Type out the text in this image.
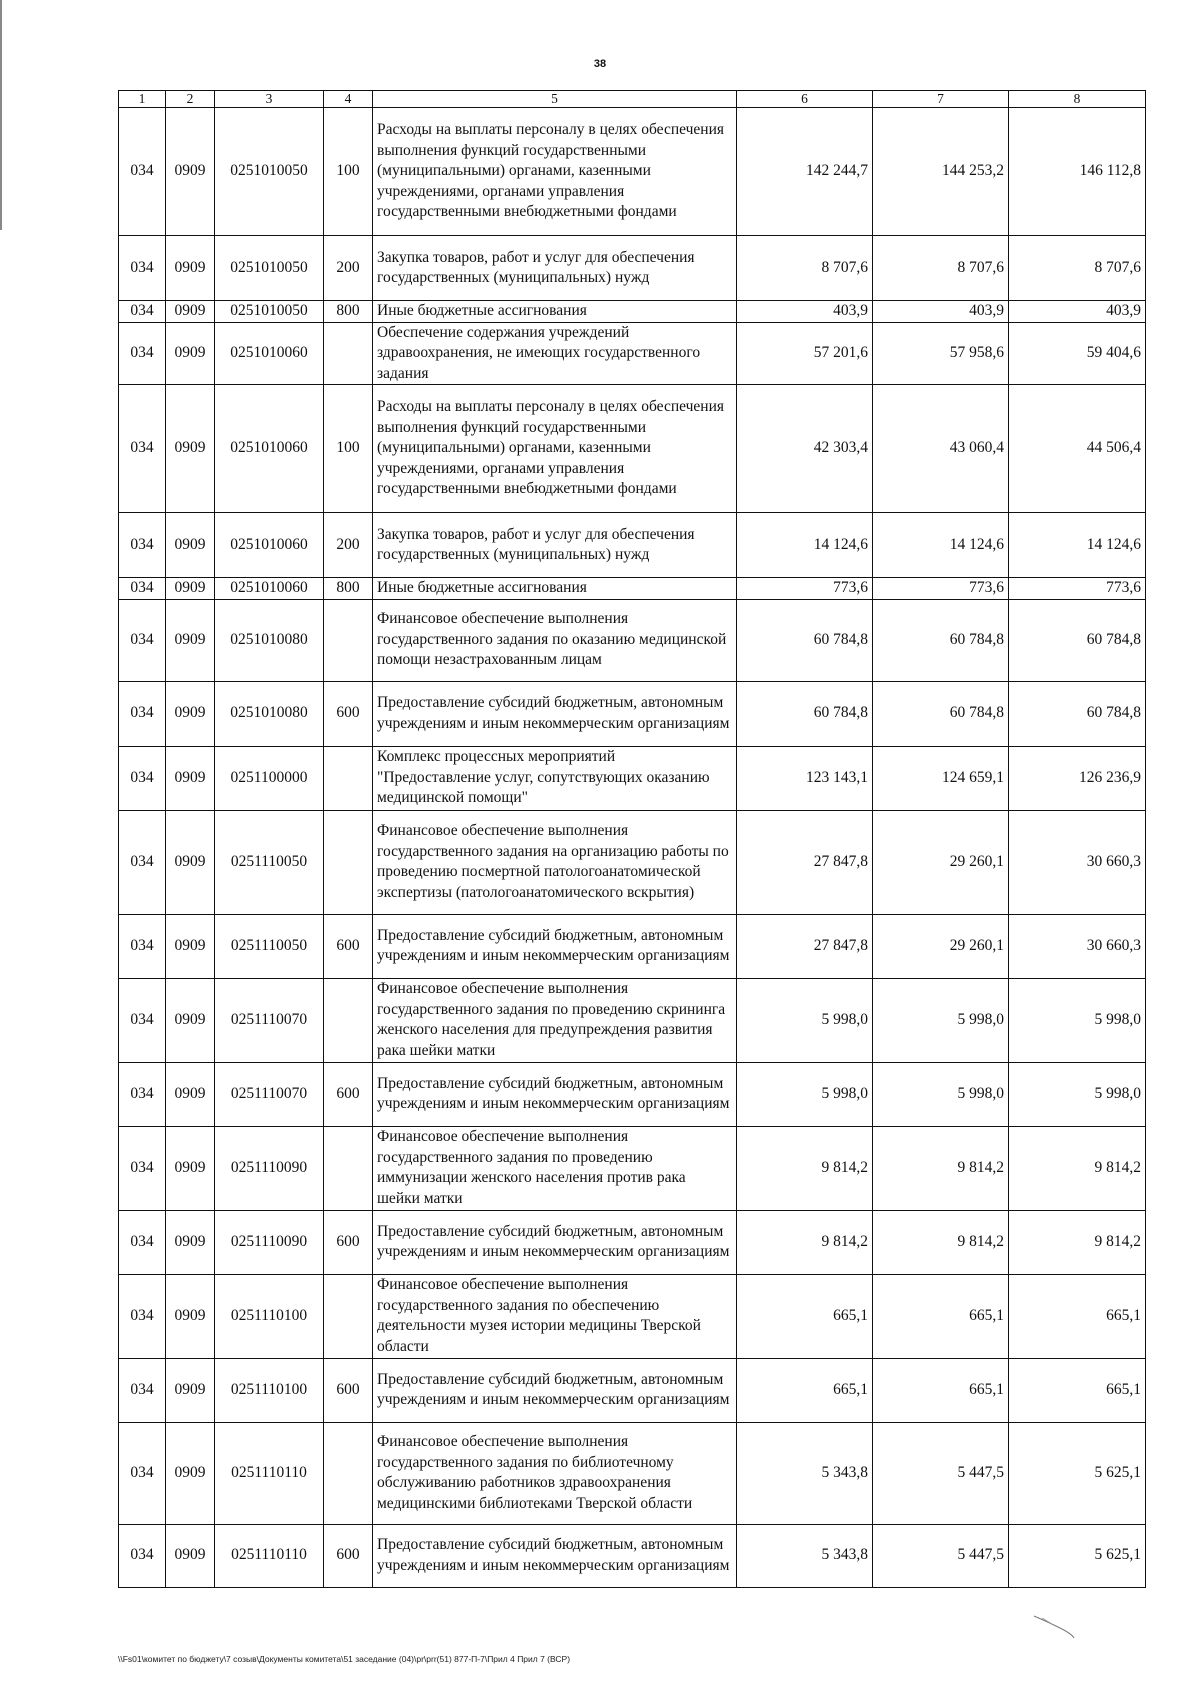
38
1	2	3	4	5	6	7	8
034	0909	0251010050	100	Расходы на выплаты персоналу в целях обеспечения выполнения функций государственными (муниципальными) органами, казенными учреждениями, органами управления государственными внебюджетными фондами	142 244,7	144 253,2	146 112,8
034	0909	0251010050	200	Закупка товаров, работ и услуг для обеспечения государственных (муниципальных) нужд	8 707,6	8 707,6	8 707,6
034	0909	0251010050	800	Иные бюджетные ассигнования	403,9	403,9	403,9
034	0909	0251010060		Обеспечение содержания учреждений здравоохранения, не имеющих государственного задания	57 201,6	57 958,6	59 404,6
034	0909	0251010060	100	Расходы на выплаты персоналу в целях обеспечения выполнения функций государственными (муниципальными) органами, казенными учреждениями, органами управления государственными внебюджетными фондами	42 303,4	43 060,4	44 506,4
034	0909	0251010060	200	Закупка товаров, работ и услуг для обеспечения государственных (муниципальных) нужд	14 124,6	14 124,6	14 124,6
034	0909	0251010060	800	Иные бюджетные ассигнования	773,6	773,6	773,6
034	0909	0251010080		Финансовое обеспечение выполнения государственного задания по оказанию медицинской помощи незастрахованным лицам	60 784,8	60 784,8	60 784,8
034	0909	0251010080	600	Предоставление субсидий бюджетным, автономным учреждениям и иным некоммерческим организациям	60 784,8	60 784,8	60 784,8
034	0909	0251100000		Комплекс процессных мероприятий "Предоставление услуг, сопутствующих оказанию медицинской помощи"	123 143,1	124 659,1	126 236,9
034	0909	0251110050		Финансовое обеспечение выполнения государственного задания на организацию работы по проведению посмертной патологоанатомической экспертизы (патологоанатомического вскрытия)	27 847,8	29 260,1	30 660,3
034	0909	0251110050	600	Предоставление субсидий бюджетным, автономным учреждениям и иным некоммерческим организациям	27 847,8	29 260,1	30 660,3
034	0909	0251110070		Финансовое обеспечение выполнения государственного задания по проведению скрининга женского населения для предупреждения развития рака шейки матки	5 998,0	5 998,0	5 998,0
034	0909	0251110070	600	Предоставление субсидий бюджетным, автономным учреждениям и иным некоммерческим организациям	5 998,0	5 998,0	5 998,0
034	0909	0251110090		Финансовое обеспечение выполнения государственного задания по проведению иммунизации женского населения против рака шейки матки	9 814,2	9 814,2	9 814,2
034	0909	0251110090	600	Предоставление субсидий бюджетным, автономным учреждениям и иным некоммерческим организациям	9 814,2	9 814,2	9 814,2
034	0909	0251110100		Финансовое обеспечение выполнения государственного задания по обеспечению деятельности музея истории медицины Тверской области	665,1	665,1	665,1
034	0909	0251110100	600	Предоставление субсидий бюджетным, автономным учреждениям и иным некоммерческим организациям	665,1	665,1	665,1
034	0909	0251110110		Финансовое обеспечение выполнения государственного задания по библиотечному обслуживанию работников здравоохранения медицинскими библиотеками Тверской области	5 343,8	5 447,5	5 625,1
034	0909	0251110110	600	Предоставление субсидий бюджетным, автономным учреждениям и иным некоммерческим организациям	5 343,8	5 447,5	5 625,1
\\Fs01\комитет по бюджету\7 созыв\Документы комитета\51 заседание (04)\pr\prr(51) 877-П-7\Прил 4 Прил 7 (ВСР)
